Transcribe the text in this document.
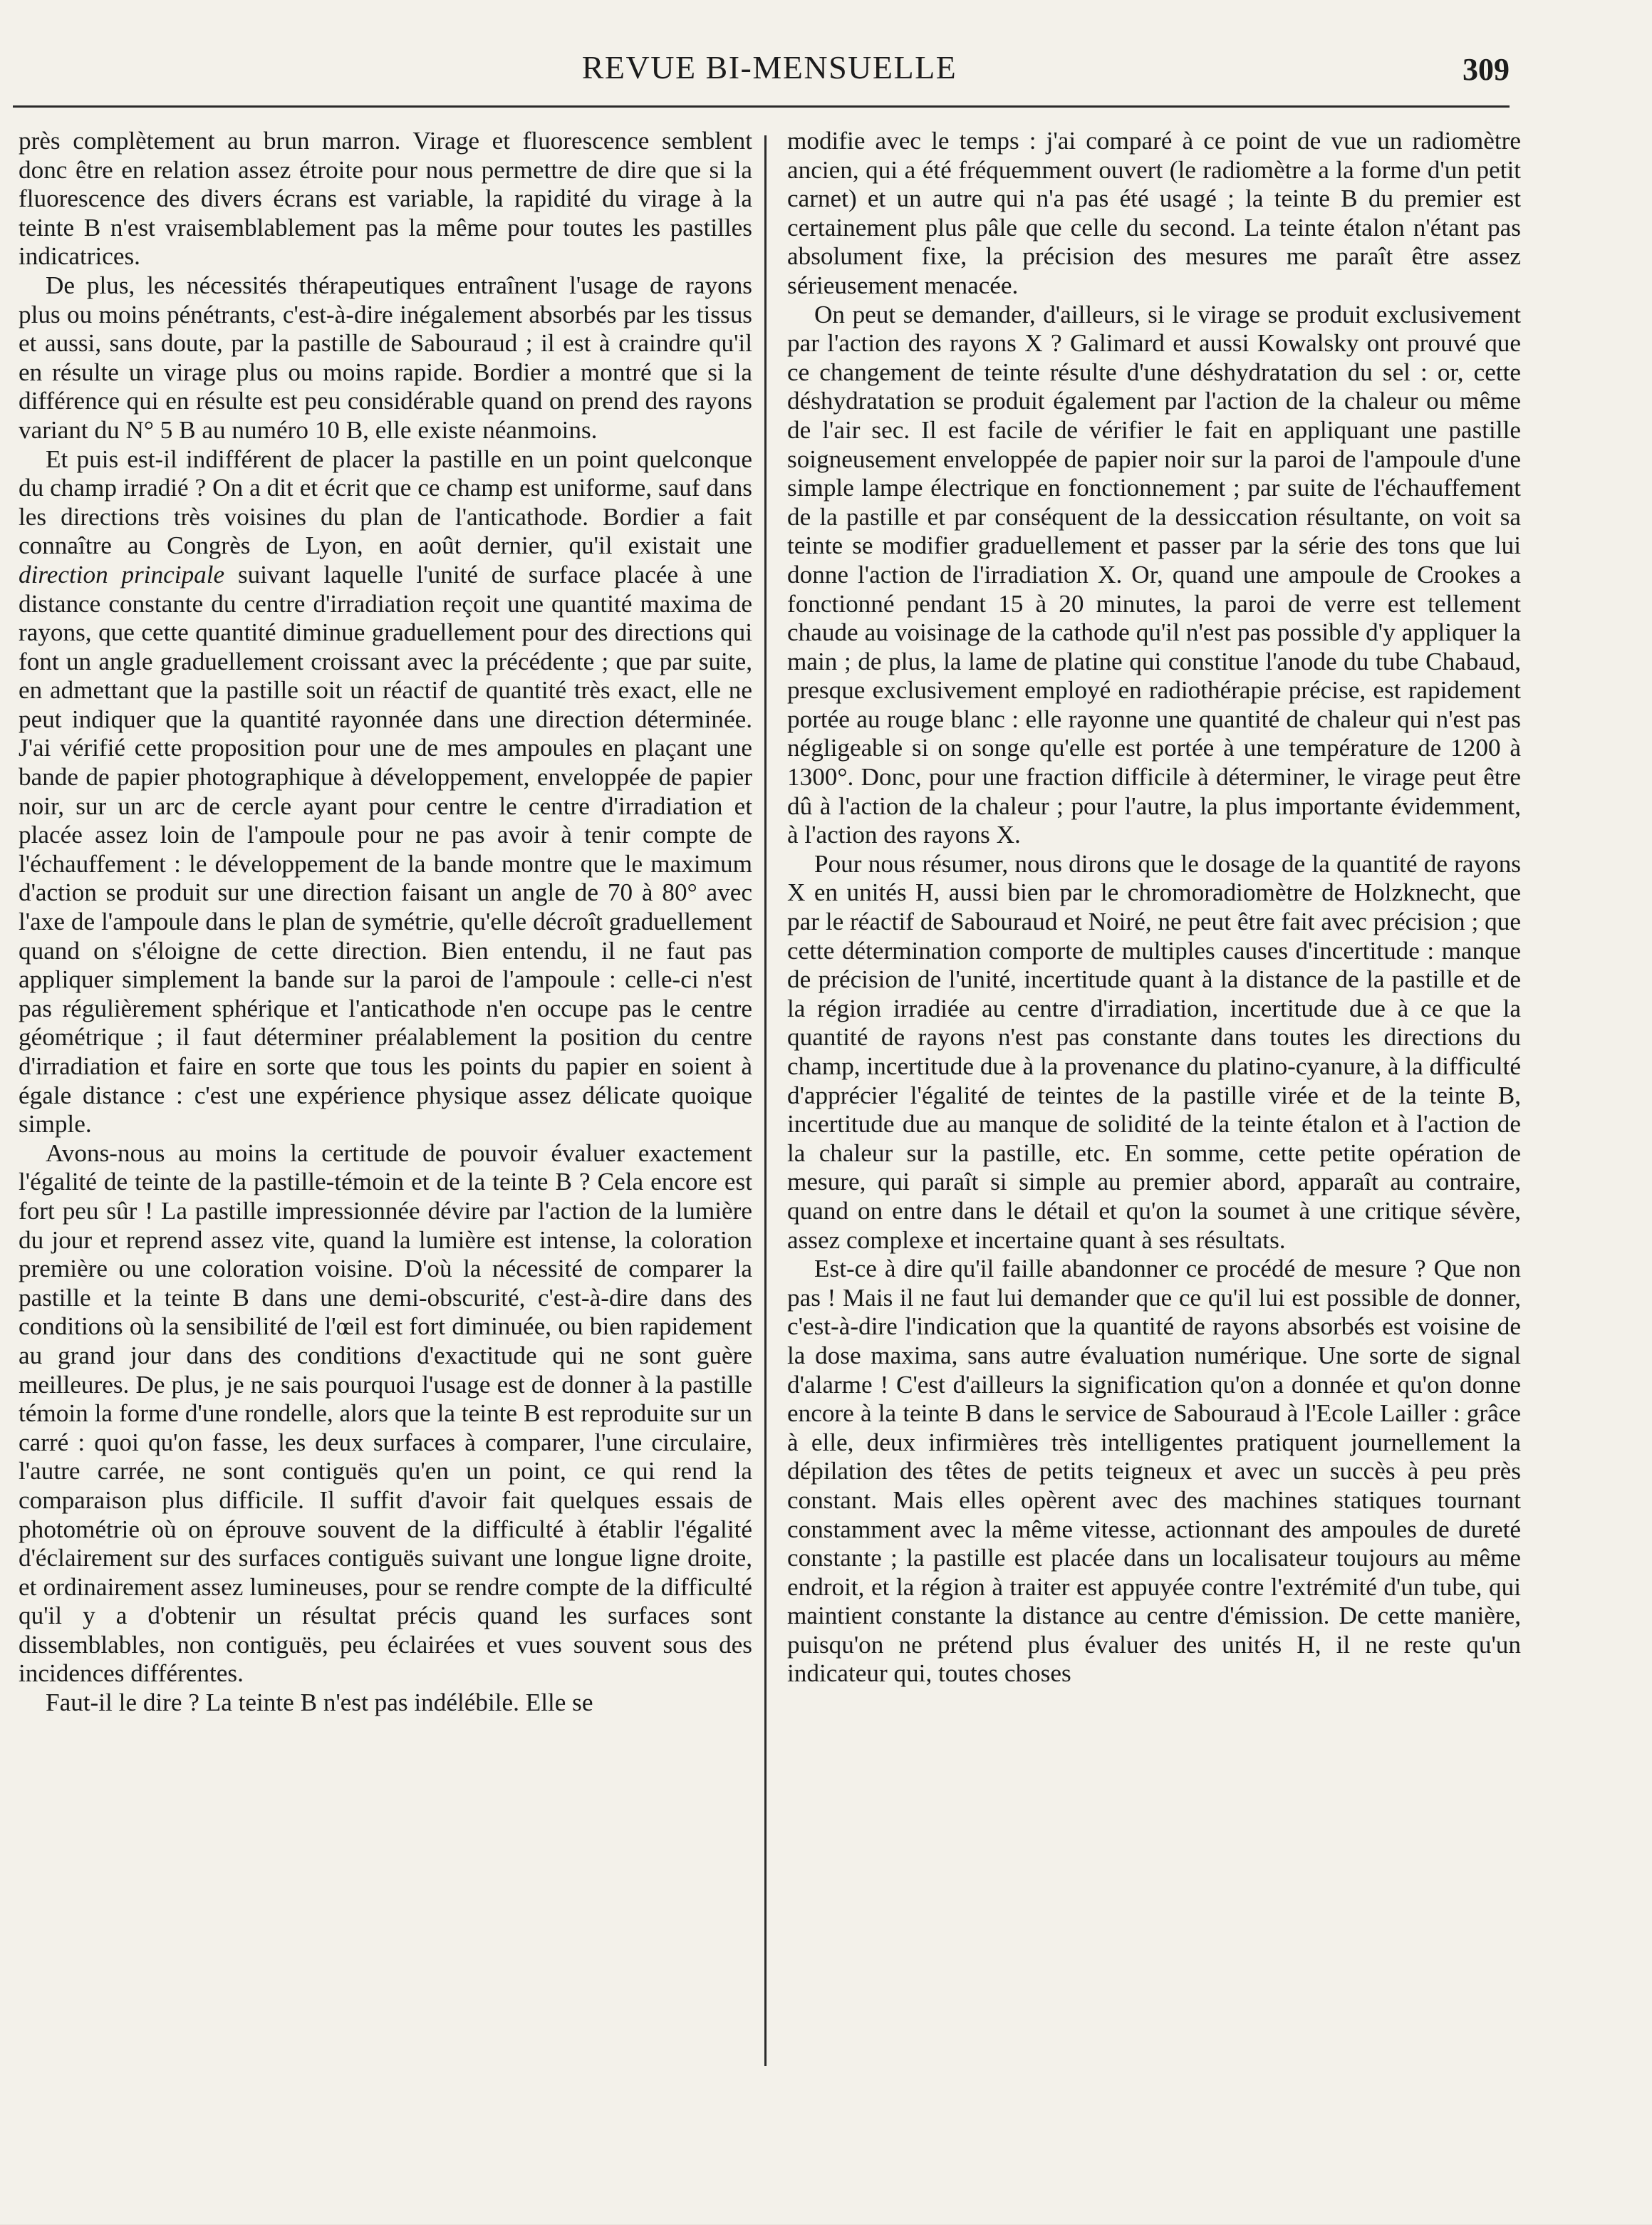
REVUE BI-MENSUELLE	309

près complètement au brun marron. Virage et fluorescence semblent donc être en relation assez étroite pour nous permettre de dire que si la fluorescence des divers écrans est variable, la rapidité du virage à la teinte B n'est vraisemblablement pas la même pour toutes les pastilles indicatrices.

De plus, les nécessités thérapeutiques entraînent l'usage de rayons plus ou moins pénétrants, c'est-à-dire inégalement absorbés par les tissus et aussi, sans doute, par la pastille de Sabouraud ; il est à craindre qu'il en résulte un virage plus ou moins rapide. Bordier a montré que si la différence qui en résulte est peu considérable quand on prend des rayons variant du N° 5 B au numéro 10 B, elle existe néanmoins.

Et puis est-il indifférent de placer la pastille en un point quelconque du champ irradié ? On a dit et écrit que ce champ est uniforme, sauf dans les directions très voisines du plan de l'anticathode. Bordier a fait connaître au Congrès de Lyon, en août dernier, qu'il existait une direction principale suivant laquelle l'unité de surface placée à une distance constante du centre d'irradiation reçoit une quantité maxima de rayons, que cette quantité diminue graduellement pour des directions qui font un angle graduellement croissant avec la précédente ; que par suite, en admettant que la pastille soit un réactif de quantité très exact, elle ne peut indiquer que la quantité rayonnée dans une direction déterminée. J'ai vérifié cette proposition pour une de mes ampoules en plaçant une bande de papier photographique à développement, enveloppée de papier noir, sur un arc de cercle ayant pour centre le centre d'irradiation et placée assez loin de l'ampoule pour ne pas avoir à tenir compte de l'échauffement : le développement de la bande montre que le maximum d'action se produit sur une direction faisant un angle de 70 à 80° avec l'axe de l'ampoule dans le plan de symétrie, qu'elle décroît graduellement quand on s'éloigne de cette direction. Bien entendu, il ne faut pas appliquer simplement la bande sur la paroi de l'ampoule : celle-ci n'est pas régulièrement sphérique et l'anticathode n'en occupe pas le centre géométrique ; il faut déterminer préalablement la position du centre d'irradiation et faire en sorte que tous les points du papier en soient à égale distance : c'est une expérience physique assez délicate quoique simple.

Avons-nous au moins la certitude de pouvoir évaluer exactement l'égalité de teinte de la pastille-témoin et de la teinte B ? Cela encore est fort peu sûr ! La pastille impressionnée dévire par l'action de la lumière du jour et reprend assez vite, quand la lumière est intense, la coloration première ou une coloration voisine. D'où la nécessité de comparer la pastille et la teinte B dans une demi-obscurité, c'est-à-dire dans des conditions où la sensibilité de l'œil est fort diminuée, ou bien rapidement au grand jour dans des conditions d'exactitude qui ne sont guère meilleures. De plus, je ne sais pourquoi l'usage est de donner à la pastille témoin la forme d'une rondelle, alors que la teinte B est reproduite sur un carré : quoi qu'on fasse, les deux surfaces à comparer, l'une circulaire, l'autre carrée, ne sont contiguës qu'en un point, ce qui rend la comparaison plus difficile. Il suffit d'avoir fait quelques essais de photométrie où on éprouve souvent de la difficulté à établir l'égalité d'éclairement sur des surfaces contiguës suivant une longue ligne droite, et ordinairement assez lumineuses, pour se rendre compte de la difficulté qu'il y a d'obtenir un résultat précis quand les surfaces sont dissemblables, non contiguës, peu éclairées et vues souvent sous des incidences différentes.

Faut-il le dire ? La teinte B n'est pas indélébile. Elle se

modifie avec le temps : j'ai comparé à ce point de vue un radiomètre ancien, qui a été fréquemment ouvert (le radiomètre a la forme d'un petit carnet) et un autre qui n'a pas été usagé ; la teinte B du premier est certainement plus pâle que celle du second. La teinte étalon n'étant pas absolument fixe, la précision des mesures me paraît être assez sérieusement menacée.

On peut se demander, d'ailleurs, si le virage se produit exclusivement par l'action des rayons X ? Galimard et aussi Kowalsky ont prouvé que ce changement de teinte résulte d'une déshydratation du sel : or, cette déshydratation se produit également par l'action de la chaleur ou même de l'air sec. Il est facile de vérifier le fait en appliquant une pastille soigneusement enveloppée de papier noir sur la paroi de l'ampoule d'une simple lampe électrique en fonctionnement ; par suite de l'échauffement de la pastille et par conséquent de la dessiccation résultante, on voit sa teinte se modifier graduellement et passer par la série des tons que lui donne l'action de l'irradiation X. Or, quand une ampoule de Crookes a fonctionné pendant 15 à 20 minutes, la paroi de verre est tellement chaude au voisinage de la cathode qu'il n'est pas possible d'y appliquer la main ; de plus, la lame de platine qui constitue l'anode du tube Chabaud, presque exclusivement employé en radiothérapie précise, est rapidement portée au rouge blanc : elle rayonne une quantité de chaleur qui n'est pas négligeable si on songe qu'elle est portée à une température de 1200 à 1300°. Donc, pour une fraction difficile à déterminer, le virage peut être dû à l'action de la chaleur ; pour l'autre, la plus importante évidemment, à l'action des rayons X.

Pour nous résumer, nous dirons que le dosage de la quantité de rayons X en unités H, aussi bien par le chromoradiomètre de Holzknecht, que par le réactif de Sabouraud et Noiré, ne peut être fait avec précision ; que cette détermination comporte de multiples causes d'incertitude : manque de précision de l'unité, incertitude quant à la distance de la pastille et de la région irradiée au centre d'irradiation, incertitude due à ce que la quantité de rayons n'est pas constante dans toutes les directions du champ, incertitude due à la provenance du platino-cyanure, à la difficulté d'apprécier l'égalité de teintes de la pastille virée et de la teinte B, incertitude due au manque de solidité de la teinte étalon et à l'action de la chaleur sur la pastille, etc. En somme, cette petite opération de mesure, qui paraît si simple au premier abord, apparaît au contraire, quand on entre dans le détail et qu'on la soumet à une critique sévère, assez complexe et incertaine quant à ses résultats.

Est-ce à dire qu'il faille abandonner ce procédé de mesure ? Que non pas ! Mais il ne faut lui demander que ce qu'il lui est possible de donner, c'est-à-dire l'indication que la quantité de rayons absorbés est voisine de la dose maxima, sans autre évaluation numérique. Une sorte de signal d'alarme ! C'est d'ailleurs la signification qu'on a donnée et qu'on donne encore à la teinte B dans le service de Sabouraud à l'Ecole Lailler : grâce à elle, deux infirmières très intelligentes pratiquent journellement la dépilation des têtes de petits teigneux et avec un succès à peu près constant. Mais elles opèrent avec des machines statiques tournant constamment avec la même vitesse, actionnant des ampoules de dureté constante ; la pastille est placée dans un localisateur toujours au même endroit, et la région à traiter est appuyée contre l'extrémité d'un tube, qui maintient constante la distance au centre d'émission. De cette manière, puisqu'on ne prétend plus évaluer des unités H, il ne reste qu'un indicateur qui, toutes choses
